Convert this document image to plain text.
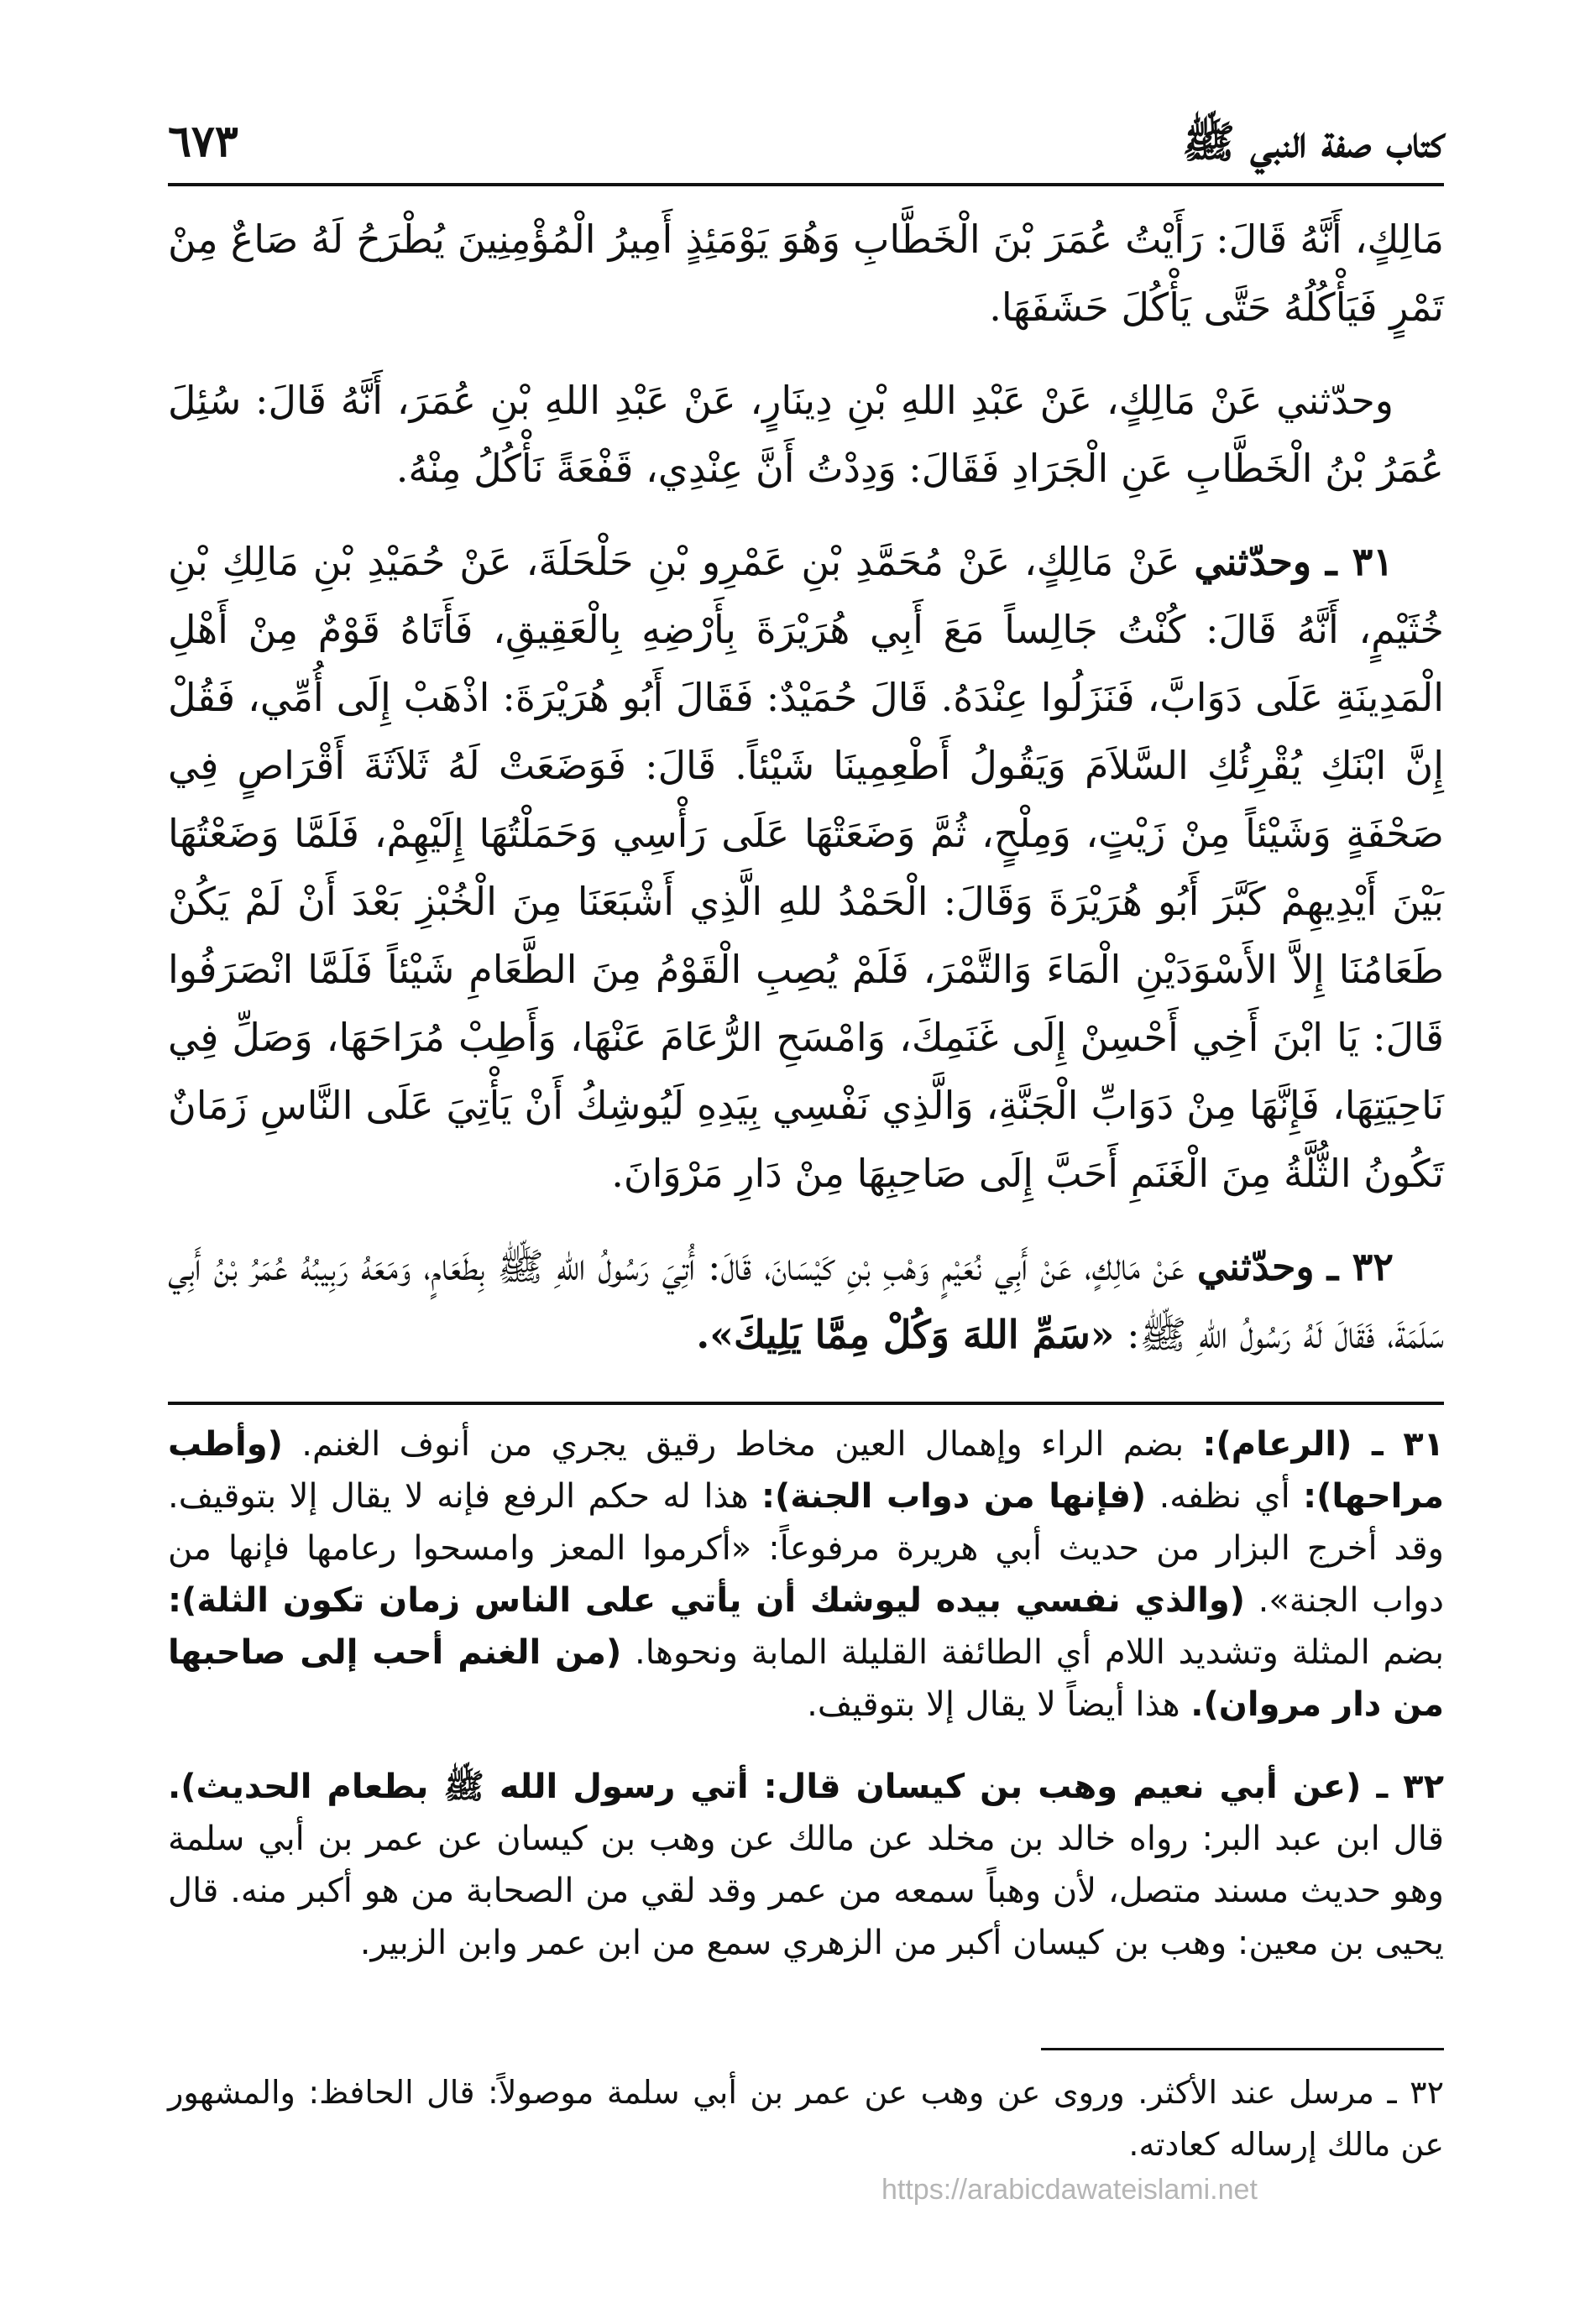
كتاب صفة النبي ﷺ
٦٧٣

مَالِكٍ، أَنَّهُ قَالَ: رَأَيْتُ عُمَرَ بْنَ الْخَطَّابِ وَهُوَ يَوْمَئِذٍ أَمِيرُ الْمُؤْمِنِينَ يُطْرَحُ لَهُ صَاعٌ مِنْ تَمْرٍ فَيَأْكُلُهُ حَتَّى يَأْكُلَ حَشَفَهَا.

وحدّثني عَنْ مَالِكٍ، عَنْ عَبْدِ اللهِ بْنِ دِينَارٍ، عَنْ عَبْدِ اللهِ بْنِ عُمَرَ، أَنَّهُ قَالَ: سُئِلَ عُمَرُ بْنُ الْخَطَّابِ عَنِ الْجَرَادِ فَقَالَ: وَدِدْتُ أَنَّ عِنْدِي، قَفْعَةً نَأْكُلُ مِنْهُ.

٣١ ـ وحدّثني عَنْ مَالِكٍ، عَنْ مُحَمَّدِ بْنِ عَمْرِو بْنِ حَلْحَلَةَ، عَنْ حُمَيْدِ بْنِ مَالِكِ بْنِ خُثَيْمٍ، أَنَّهُ قَالَ: كُنْتُ جَالِساً مَعَ أَبِي هُرَيْرَةَ بِأَرْضِهِ بِالْعَقِيقِ، فَأَتَاهُ قَوْمٌ مِنْ أَهْلِ الْمَدِينَةِ عَلَى دَوَابَّ، فَنَزَلُوا عِنْدَهُ. قَالَ حُمَيْدٌ: فَقَالَ أَبُو هُرَيْرَةَ: اذْهَبْ إِلَى أُمِّي، فَقُلْ إِنَّ ابْنَكِ يُقْرِئُكِ السَّلاَمَ وَيَقُولُ أَطْعِمِينَا شَيْئاً. قَالَ: فَوَضَعَتْ لَهُ ثَلاَثَةَ أَقْرَاصٍ فِي صَحْفَةٍ وَشَيْئاً مِنْ زَيْتٍ، وَمِلْحٍ، ثُمَّ وَضَعَتْهَا عَلَى رَأْسِي وَحَمَلْتُهَا إِلَيْهِمْ، فَلَمَّا وَضَعْتُهَا بَيْنَ أَيْدِيهِمْ كَبَّرَ أَبُو هُرَيْرَةَ وَقَالَ: الْحَمْدُ للهِ الَّذِي أَشْبَعَنَا مِنَ الْخُبْزِ بَعْدَ أَنْ لَمْ يَكُنْ طَعَامُنَا إِلاَّ الأَسْوَدَيْنِ الْمَاءَ وَالتَّمْرَ، فَلَمْ يُصِبِ الْقَوْمُ مِنَ الطَّعَامِ شَيْئاً فَلَمَّا انْصَرَفُوا قَالَ: يَا ابْنَ أَخِي أَحْسِنْ إِلَى غَنَمِكَ، وَامْسَحِ الرُّعَامَ عَنْهَا، وَأَطِبْ مُرَاحَهَا، وَصَلِّ فِي نَاحِيَتِهَا، فَإِنَّهَا مِنْ دَوَابِّ الْجَنَّةِ، وَالَّذِي نَفْسِي بِيَدِهِ لَيُوشِكُ أَنْ يَأْتِيَ عَلَى النَّاسِ زَمَانٌ تَكُونُ الثُّلَّةُ مِنَ الْغَنَمِ أَحَبَّ إِلَى صَاحِبِهَا مِنْ دَارِ مَرْوَانَ.

٣٢ ـ وحدّثني عَنْ مَالِكٍ، عَنْ أَبِي نُعَيْمٍ وَهْبِ بْنِ كَيْسَانَ، قَالَ: أُتِيَ رَسُولُ اللهِ ﷺ بِطَعَامٍ، وَمَعَهُ رَبِيبُهُ عُمَرُ بْنُ أَبِي سَلَمَةَ، فَقَالَ لَهُ رَسُولُ اللهِ ﷺ: «سَمِّ اللهَ وَكُلْ مِمَّا يَلِيكَ».

٣١ ـ (الرعام): بضم الراء وإهمال العين مخاط رقيق يجري من أنوف الغنم. (وأطب مراحها): أي نظفه. (فإنها من دواب الجنة): هذا له حكم الرفع فإنه لا يقال إلا بتوقيف. وقد أخرج البزار من حديث أبي هريرة مرفوعاً: «أكرموا المعز وامسحوا رعامها فإنها من دواب الجنة». (والذي نفسي بيده ليوشك أن يأتي على الناس زمان تكون الثلة): بضم المثلة وتشديد اللام أي الطائفة القليلة المابة ونحوها. (من الغنم أحب إلى صاحبها من دار مروان). هذا أيضاً لا يقال إلا بتوقيف.

٣٢ ـ (عن أبي نعيم وهب بن كيسان قال: أتي رسول الله ﷺ بطعام الحديث). قال ابن عبد البر: رواه خالد بن مخلد عن مالك عن وهب بن كيسان عن عمر بن أبي سلمة وهو حديث مسند متصل، لأن وهباً سمعه من عمر وقد لقي من الصحابة من هو أكبر منه. قال يحيى بن معين: وهب بن كيسان أكبر من الزهري سمع من ابن عمر وابن الزبير.

٣٢ ـ مرسل عند الأكثر. وروى عن وهب عن عمر بن أبي سلمة موصولاً: قال الحافظ: والمشهور عن مالك إرساله كعادته.
https://arabicdawateislami.net
